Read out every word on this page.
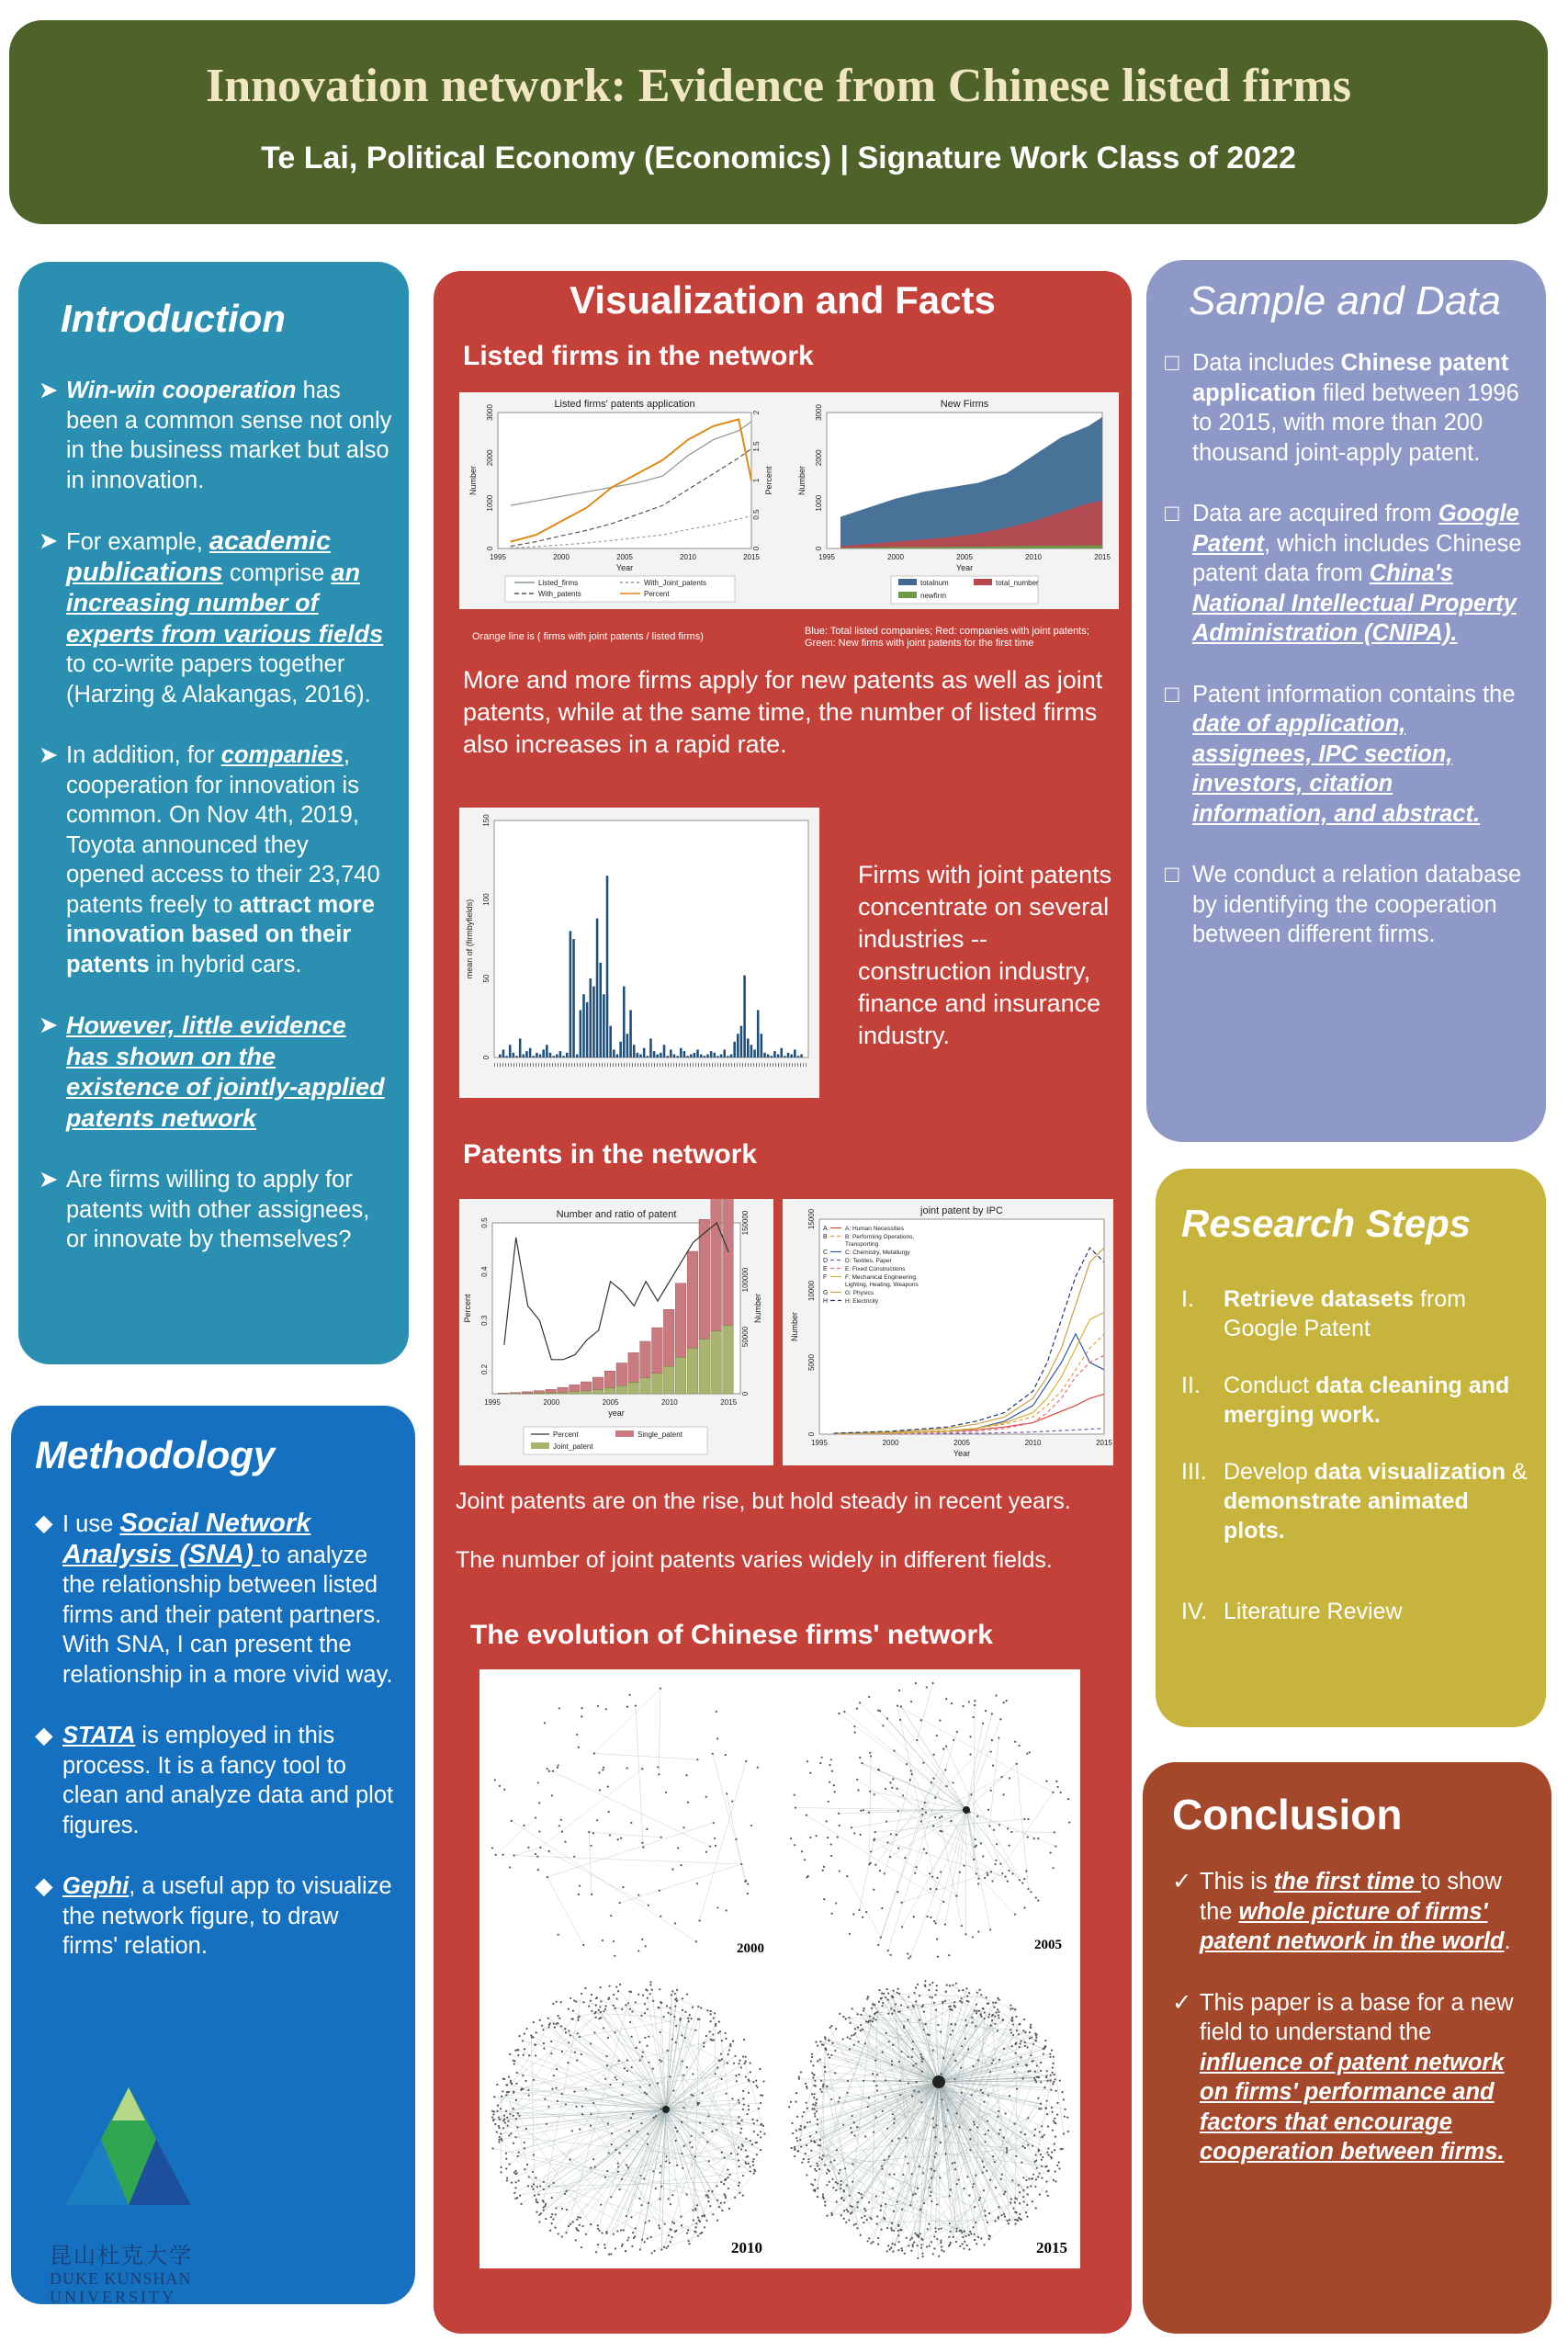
Innovation network: Evidence from Chinese listed firms
Te Lai, Political Economy (Economics) | Signature Work Class of 2022
Introduction
➤ Win-win cooperation has been a common sense not only in the business market but also in innovation.
➤ For example, academic publications comprise an increasing number of experts from various fields to co-write papers together (Harzing & Alakangas, 2016).
➤ In addition, for companies, cooperation for innovation is common. On Nov 4th, 2019, Toyota announced they opened access to their 23,740 patents freely to attract more innovation based on their patents in hybrid cars.
➤ However, little evidence has shown on the existence of jointly-applied patents network
➤ Are firms willing to apply for patents with other assignees, or innovate by themselves?
Methodology
◆ I use Social Network Analysis (SNA) to analyze the relationship between listed firms and their patent partners. With SNA, I can present the relationship in a more vivid way.
◆ STATA is employed in this process. It is a fancy tool to clean and analyze data and plot figures.
◆ Gephi, a useful app to visualize the network figure, to draw firms' relation.
昆山杜克大学
DUKE KUNSHAN
UNIVERSITY
Visualization and Facts
Listed firms in the network
Listed firms' patents application
Year
Number
0
1000
2000
3000
1995	2000	2005	2010	2015
0
0.5
1
1.5
2
Percent
Listed_firms
With_patents
With_Joint_patents
Percent
New Firms
Year
Number
0
1000
2000
3000
1995	2000	2005	2010	2015
totalnum	total_number
newfirm
Orange line is ( firms with joint patents / listed firms)	Blue: Total listed companies; Red: companies with joint patents; Green: New firms with joint patents for the first time
More and more firms apply for new patents as well as joint patents, while at the same time, the number of listed firms also increases in a rapid rate.
mean of (firmbyfields)
0
50
100
150
Firms with joint patents concentrate on several industries -- construction industry, finance and insurance industry.
Patents in the network
Number and ratio of patent
year
Percent
0.2
0.3
0.4
0.5
1995	2000	2005	2010	2015
0
50000
100000
150000
Number
Percent	Single_patent
Joint_patent
joint patent by IPC
Year
Number
0
5000
10000
15000
1995	2000	2005	2010	2015
A	A: Human Necessities
B	B: Performing Operations,
Transporting
C	C: Chemistry, Metallurgy
D	D: Textiles, Paper
E	E: Fixed Constructions
F	F: Mechanical Engineering,
Lighting, Heating, Weapons
G	G: Physics
H	H: Electricity
Joint patents are on the rise, but hold steady in recent years.
The number of joint patents varies widely in different fields.
The evolution of Chinese firms' network
2000	2005
2010	2015
Sample and Data
□ Data includes Chinese patent application filed between 1996 to 2015, with more than 200 thousand joint-apply patent.
□ Data are acquired from Google Patent, which includes Chinese patent data from China's National Intellectual Property Administration (CNIPA).
□ Patent information contains the date of application, assignees, IPC section, investors, citation information, and abstract.
□ We conduct a relation database by identifying the cooperation between different firms.
Research Steps
I. Retrieve datasets from Google Patent
II. Conduct data cleaning and merging work.
III. Develop data visualization & demonstrate animated plots.
IV. Literature Review
Conclusion
✓ This is the first time to show the whole picture of firms' patent network in the world.
✓ This paper is a base for a new field to understand the influence of patent network on firms' performance and factors that encourage cooperation between firms.
